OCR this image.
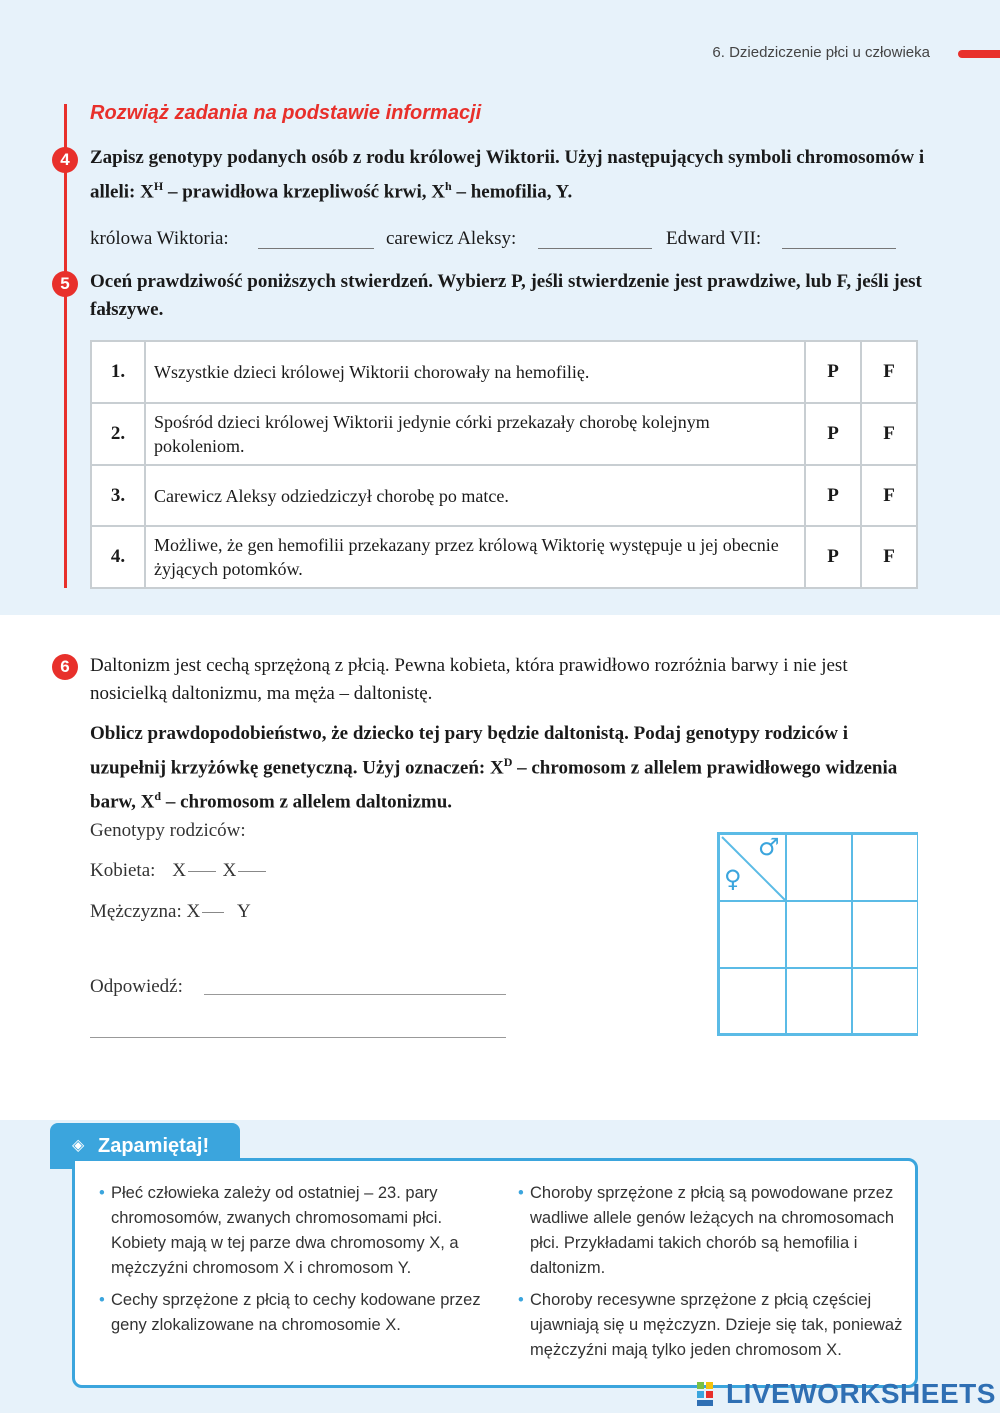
6. Dziedziczenie płci u człowieka
Rozwiąż zadania na podstawie informacji
4	Zapisz genotypy podanych osób z rodu królowej Wiktorii. Użyj następujących symboli chromosomów i alleli: $X^H$ – prawidłowa krzepliwość krwi, $X^h$ – hemofilia, Y.
królowa Wiktoria:	carewicz Aleksy:	Edward VII:
5	Oceń prawdziwość poniższych stwierdzeń. Wybierz P, jeśli stwierdzenie jest prawdziwe, lub F, jeśli jest fałszywe.
1.	Wszystkie dzieci królowej Wiktorii chorowały na hemofilię.	P	F
2.	Spośród dzieci królowej Wiktorii jedynie córki przekazały chorobę kolejnym pokoleniom.	P	F
3.	Carewicz Aleksy odziedziczył chorobę po matce.	P	F
4.	Możliwe, że gen hemofilii przekazany przez królową Wiktorię występuje u jej obecnie żyjących potomków.	P	F
6	Daltonizm jest cechą sprzężoną z płcią. Pewna kobieta, która prawidłowo rozróżnia barwy i nie jest nosicielką daltonizmu, ma męża – daltonistę.
Oblicz prawdopodobieństwo, że dziecko tej pary będzie daltonistą. Podaj genotypy rodziców i uzupełnij krzyżówkę genetyczną. Użyj oznaczeń: $X^D$ – chromosom z allelem prawidłowego widzenia barw, $X^d$ – chromosom z allelem daltonizmu.
Genotypy rodziców:
Kobieta: X X
Mężczyzna: X Y
Odpowiedź:
♂
♀
◈ Zapamiętaj!
• Płeć człowieka zależy od ostatniej – 23. pary chromosomów, zwanych chromosomami płci. Kobiety mają w tej parze dwa chromosomy X, a mężczyźni chromosom X i chromosom Y.
• Cechy sprzężone z płcią to cechy kodowane przez geny zlokalizowane na chromosomie X.
• Choroby sprzężone z płcią są powodowane przez wadliwe allele genów leżących na chromosomach płci. Przykładami takich chorób są hemofilia i daltonizm.
• Choroby recesywne sprzężone z płcią częściej ujawniają się u mężczyzn. Dzieje się tak, ponieważ mężczyźni mają tylko jeden chromosom X.
LIVEWORKSHEETS
